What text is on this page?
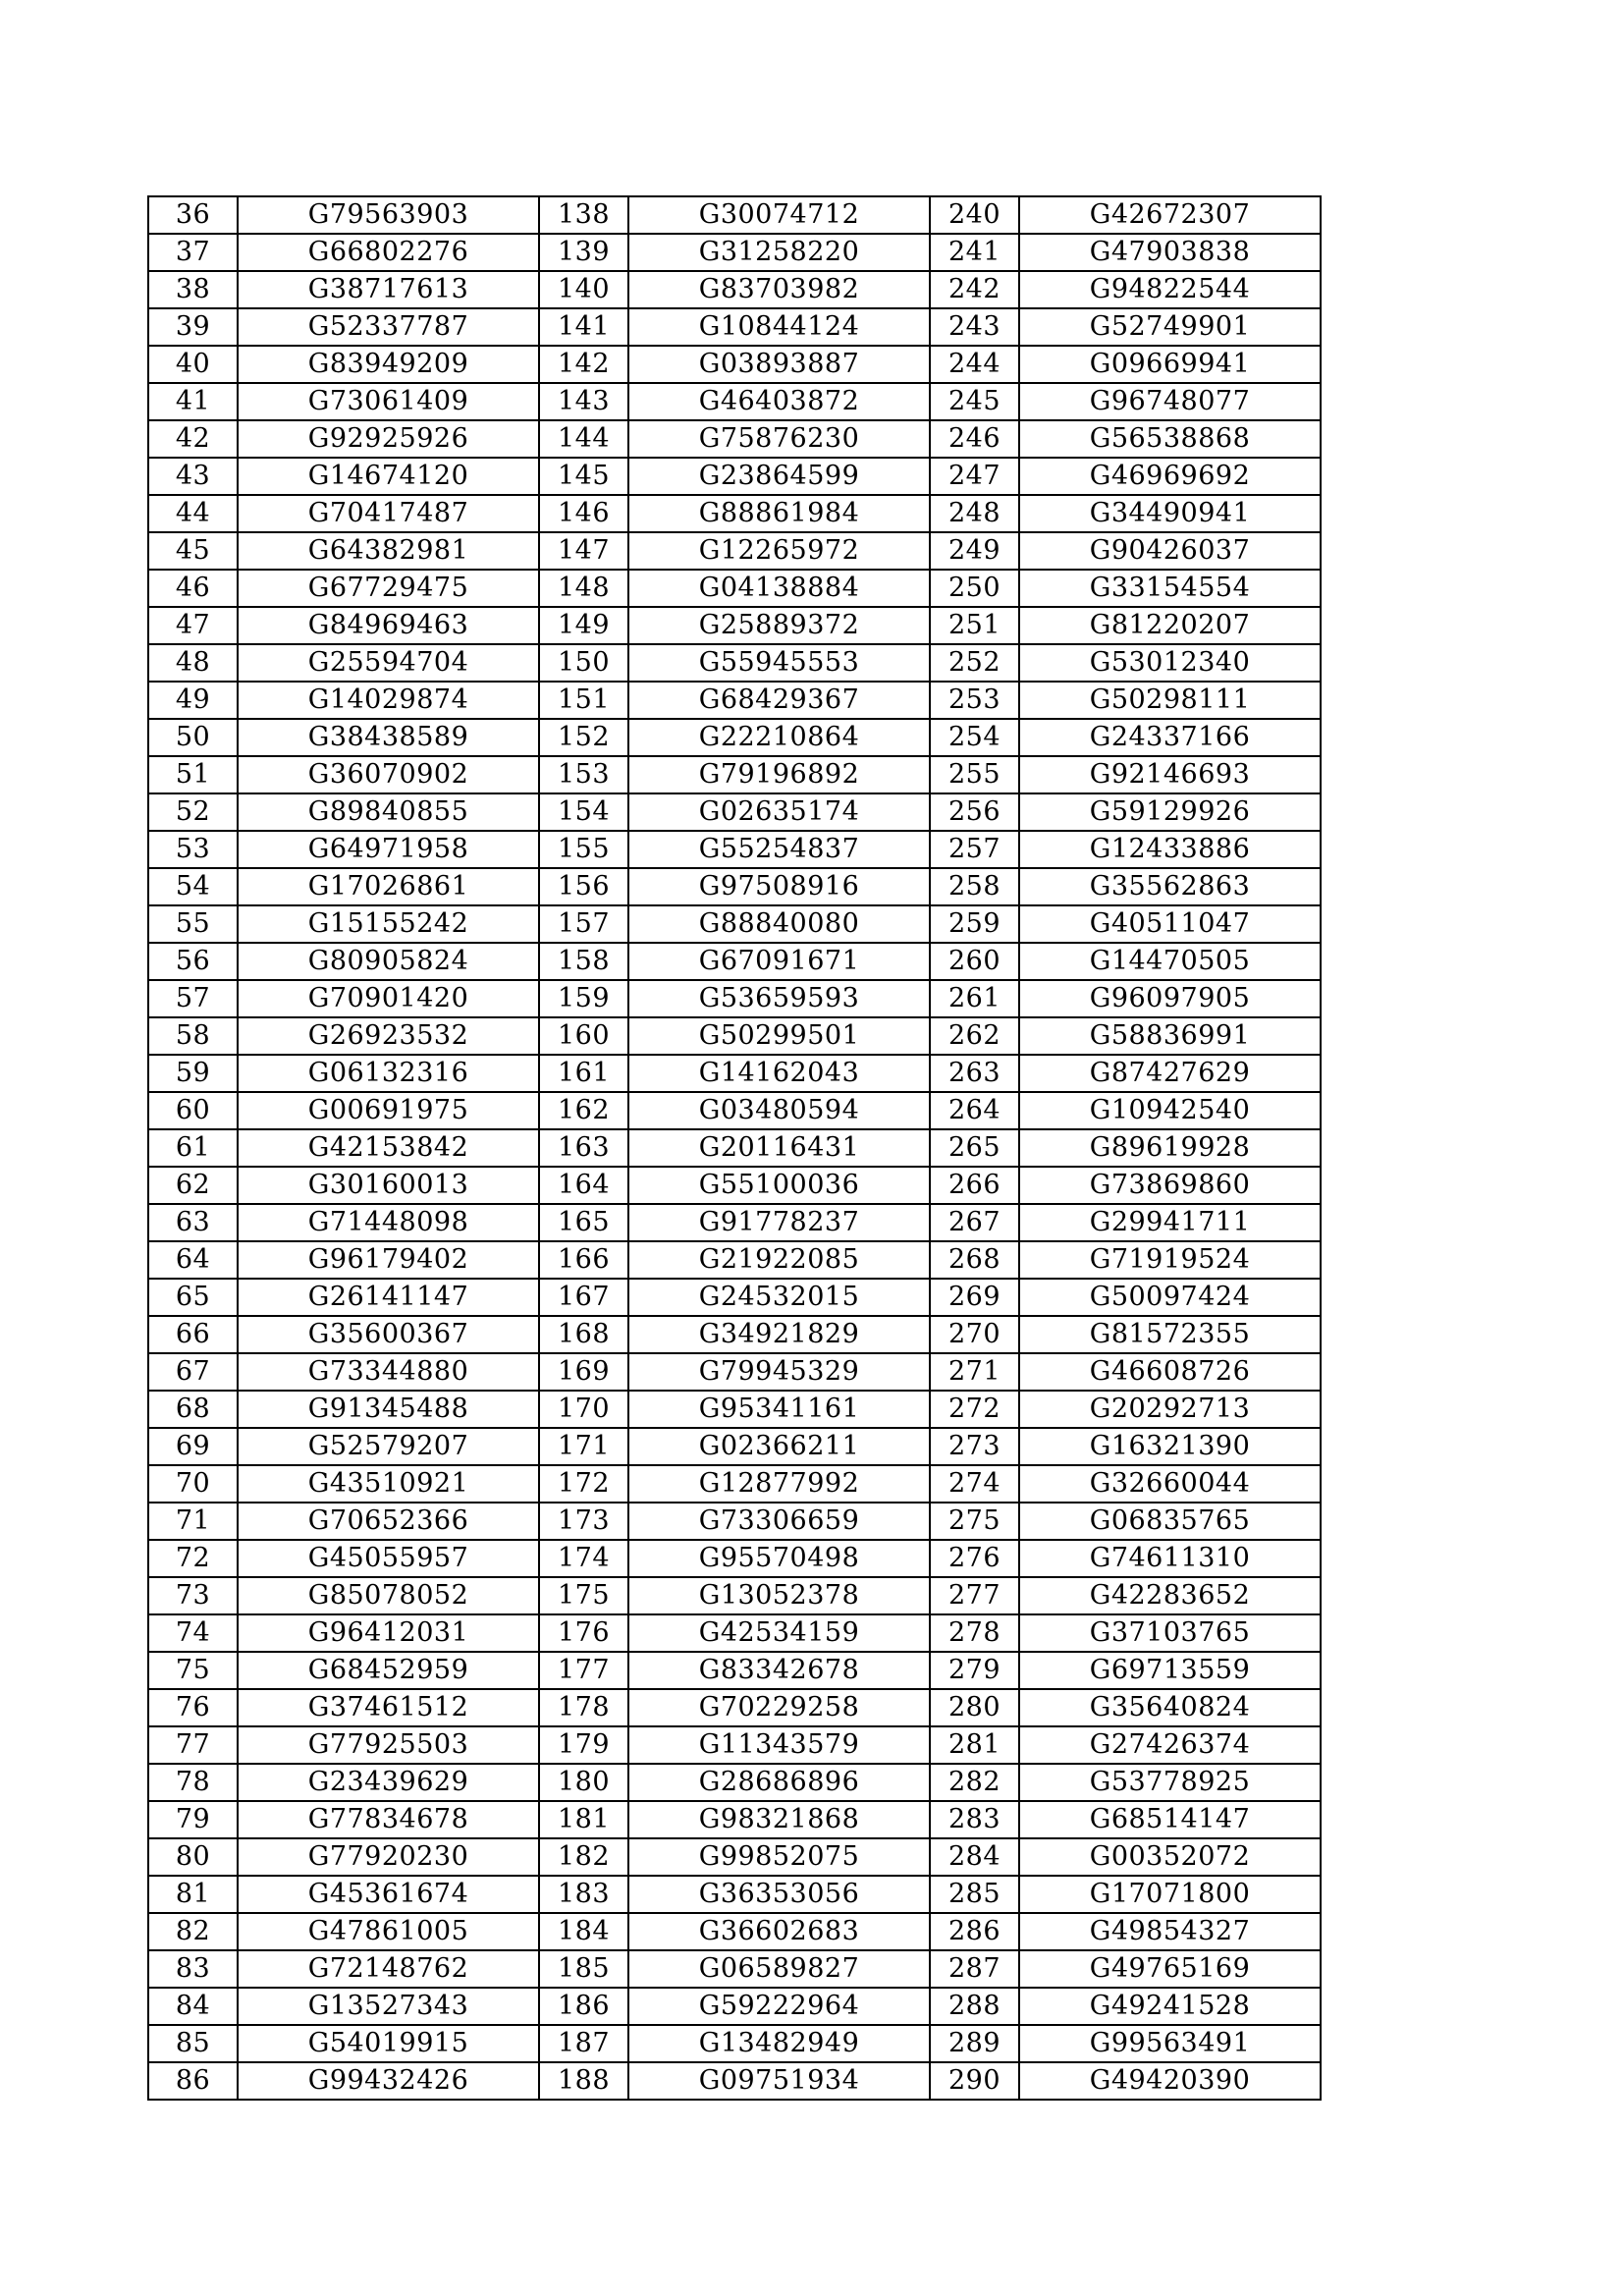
36	G79563903	138	G30074712	240	G42672307
37	G66802276	139	G31258220	241	G47903838
38	G38717613	140	G83703982	242	G94822544
39	G52337787	141	G10844124	243	G52749901
40	G83949209	142	G03893887	244	G09669941
41	G73061409	143	G46403872	245	G96748077
42	G92925926	144	G75876230	246	G56538868
43	G14674120	145	G23864599	247	G46969692
44	G70417487	146	G88861984	248	G34490941
45	G64382981	147	G12265972	249	G90426037
46	G67729475	148	G04138884	250	G33154554
47	G84969463	149	G25889372	251	G81220207
48	G25594704	150	G55945553	252	G53012340
49	G14029874	151	G68429367	253	G50298111
50	G38438589	152	G22210864	254	G24337166
51	G36070902	153	G79196892	255	G92146693
52	G89840855	154	G02635174	256	G59129926
53	G64971958	155	G55254837	257	G12433886
54	G17026861	156	G97508916	258	G35562863
55	G15155242	157	G88840080	259	G40511047
56	G80905824	158	G67091671	260	G14470505
57	G70901420	159	G53659593	261	G96097905
58	G26923532	160	G50299501	262	G58836991
59	G06132316	161	G14162043	263	G87427629
60	G00691975	162	G03480594	264	G10942540
61	G42153842	163	G20116431	265	G89619928
62	G30160013	164	G55100036	266	G73869860
63	G71448098	165	G91778237	267	G29941711
64	G96179402	166	G21922085	268	G71919524
65	G26141147	167	G24532015	269	G50097424
66	G35600367	168	G34921829	270	G81572355
67	G73344880	169	G79945329	271	G46608726
68	G91345488	170	G95341161	272	G20292713
69	G52579207	171	G02366211	273	G16321390
70	G43510921	172	G12877992	274	G32660044
71	G70652366	173	G73306659	275	G06835765
72	G45055957	174	G95570498	276	G74611310
73	G85078052	175	G13052378	277	G42283652
74	G96412031	176	G42534159	278	G37103765
75	G68452959	177	G83342678	279	G69713559
76	G37461512	178	G70229258	280	G35640824
77	G77925503	179	G11343579	281	G27426374
78	G23439629	180	G28686896	282	G53778925
79	G77834678	181	G98321868	283	G68514147
80	G77920230	182	G99852075	284	G00352072
81	G45361674	183	G36353056	285	G17071800
82	G47861005	184	G36602683	286	G49854327
83	G72148762	185	G06589827	287	G49765169
84	G13527343	186	G59222964	288	G49241528
85	G54019915	187	G13482949	289	G99563491
86	G99432426	188	G09751934	290	G49420390
